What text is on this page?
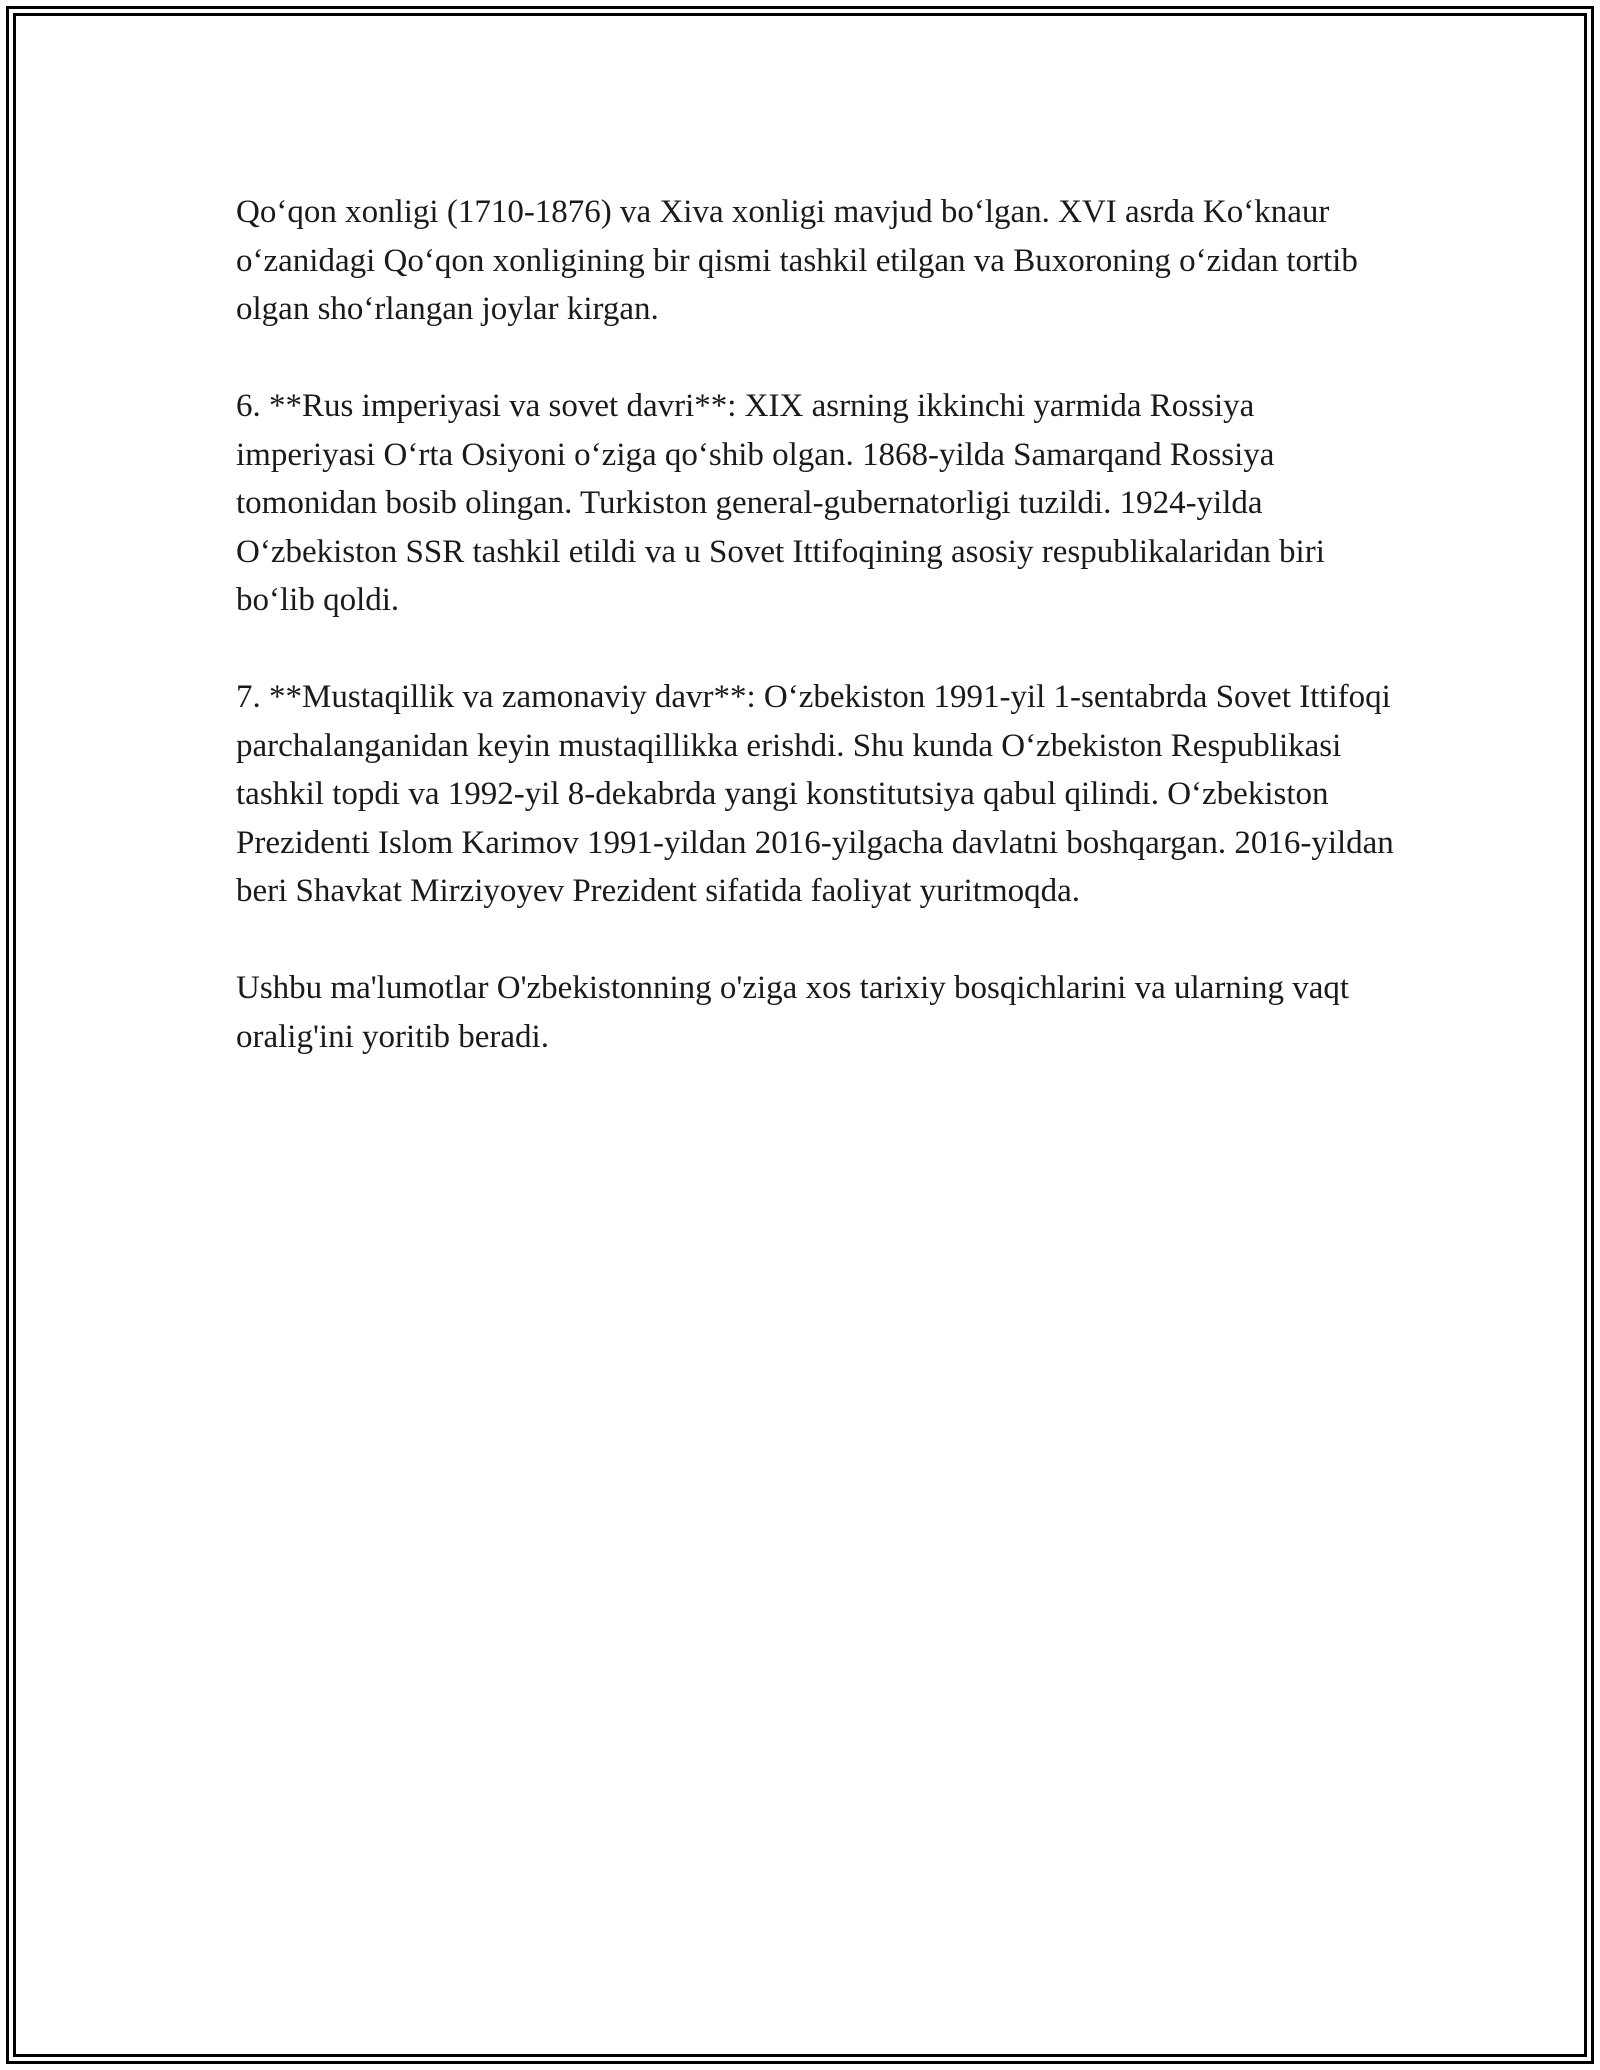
Qo‘qon xonligi (1710-1876) va Xiva xonligi mavjud bo‘lgan. XVI asrda Ko‘knaur o‘zanidagi Qo‘qon xonligining bir qismi tashkil etilgan va Buxoroning o‘zidan tortib olgan sho‘rlangan joylar kirgan.

6. **Rus imperiyasi va sovet davri**: XIX asrning ikkinchi yarmida Rossiya imperiyasi O‘rta Osiyoni o‘ziga qo‘shib olgan. 1868-yilda Samarqand Rossiya tomonidan bosib olingan. Turkiston general-gubernatorligi tuzildi. 1924-yilda O‘zbekiston SSR tashkil etildi va u Sovet Ittifoqining asosiy respublikalaridan biri bo‘lib qoldi.

7. **Mustaqillik va zamonaviy davr**: O‘zbekiston 1991-yil 1-sentabrda Sovet Ittifoqi parchalanganidan keyin mustaqillikka erishdi. Shu kunda O‘zbekiston Respublikasi tashkil topdi va 1992-yil 8-dekabrda yangi konstitutsiya qabul qilindi. O‘zbekiston Prezidenti Islom Karimov 1991-yildan 2016-yilgacha davlatni boshqargan. 2016-yildan beri Shavkat Mirziyoyev Prezident sifatida faoliyat yuritmoqda.

Ushbu ma'lumotlar O'zbekistonning o'ziga xos tarixiy bosqichlarini va ularning vaqt oralig'ini yoritib beradi.
